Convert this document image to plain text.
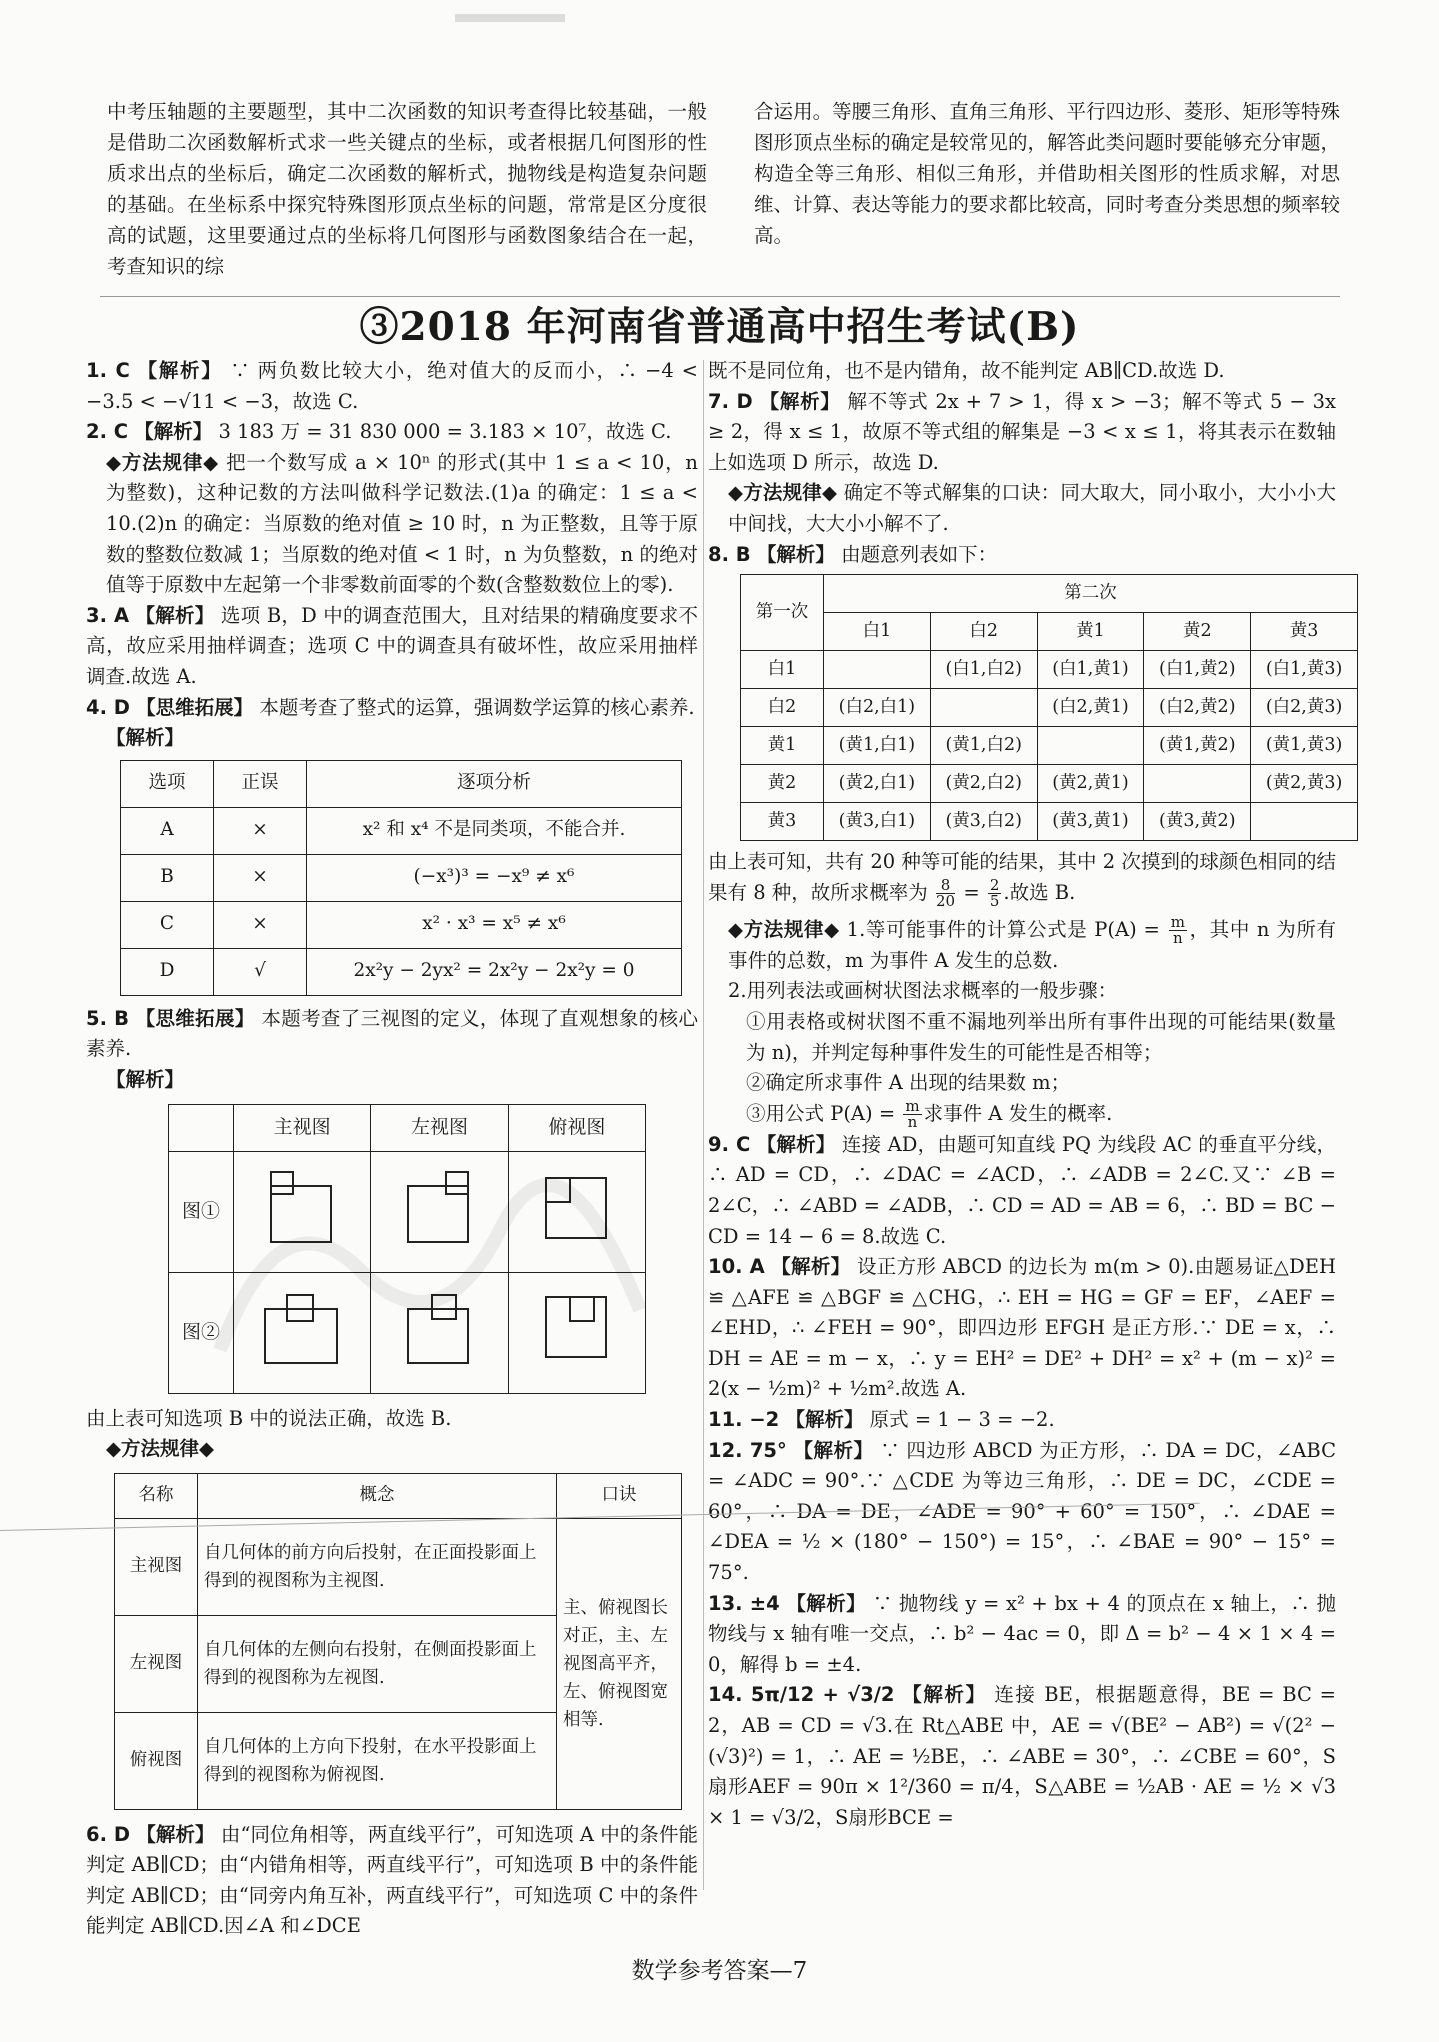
中考压轴题的主要题型，其中二次函数的知识考查得比较基础，一般是借助二次函数解析式求一些关键点的坐标，或者根据几何图形的性质求出点的坐标后，确定二次函数的解析式，抛物线是构造复杂问题的基础。在坐标系中探究特殊图形顶点坐标的问题，常常是区分度很高的试题，这里要通过点的坐标将几何图形与函数图象结合在一起，考查知识的综
合运用。等腰三角形、直角三角形、平行四边形、菱形、矩形等特殊图形顶点坐标的确定是较常见的，解答此类问题时要能够充分审题，构造全等三角形、相似三角形，并借助相关图形的性质求解，对思维、计算、表达等能力的要求都比较高，同时考查分类思想的频率较高。
③2018 年河南省普通高中招生考试(B)

1. C 【解析】 ∵ 两负数比较大小，绝对值大的反而小，∴ −4 < −3.5 < −√11 < −3，故选 C.

2. C 【解析】 3 183 万 = 31 830 000 = 3.183 × 10⁷，故选 C.

◆方法规律◆ 把一个数写成 a × 10ⁿ 的形式(其中 1 ≤ a < 10，n 为整数)，这种记数的方法叫做科学记数法.(1)a 的确定：1 ≤ a < 10.(2)n 的确定：当原数的绝对值 ≥ 10 时，n 为正整数，且等于原数的整数位数减 1；当原数的绝对值 < 1 时，n 为负整数，n 的绝对值等于原数中左起第一个非零数前面零的个数(含整数数位上的零).

3. A 【解析】 选项 B，D 中的调查范围大，且对结果的精确度要求不高，故应采用抽样调查；选项 C 中的调查具有破坏性，故应采用抽样调查.故选 A.

4. D 【思维拓展】 本题考查了整式的运算，强调数学运算的核心素养.

【解析】

选项	正误	逐项分析
A	×	x² 和 x⁴ 不是同类项，不能合并.
B	×	(−x³)³ = −x⁹ ≠ x⁶
C	×	x² · x³ = x⁵ ≠ x⁶
D	√	2x²y − 2yx² = 2x²y − 2x²y = 0

5. B 【思维拓展】 本题考查了三视图的定义，体现了直观想象的核心素养.

【解析】

	主视图	左视图	俯视图
图①			
图②			

由上表可知选项 B 中的说法正确，故选 B.

◆方法规律◆

名称	概念	口诀
主视图	自几何体的前方向后投射，在正面投影面上得到的视图称为主视图.	主、俯视图长对正，主、左视图高平齐，左、俯视图宽相等.
左视图	自几何体的左侧向右投射，在侧面投影面上得到的视图称为左视图.	
俯视图	自几何体的上方向下投射，在水平投影面上得到的视图称为俯视图.	

6. D 【解析】 由“同位角相等，两直线平行”，可知选项 A 中的条件能判定 AB∥CD；由“内错角相等，两直线平行”，可知选项 B 中的条件能判定 AB∥CD；由“同旁内角互补，两直线平行”，可知选项 C 中的条件能判定 AB∥CD.因∠A 和∠DCE

既不是同位角，也不是内错角，故不能判定 AB∥CD.故选 D.

7. D 【解析】 解不等式 2x + 7 > 1，得 x > −3；解不等式 5 − 3x ≥ 2，得 x ≤ 1，故原不等式组的解集是 −3 < x ≤ 1，将其表示在数轴上如选项 D 所示，故选 D.

◆方法规律◆ 确定不等式解集的口诀：同大取大，同小取小，大小小大中间找，大大小小解不了.

8. B 【解析】 由题意列表如下：

第一次	第二次				
	白1	白2	黄1	黄2	黄3
白1		(白1,白2)	(白1,黄1)	(白1,黄2)	(白1,黄3)
白2	(白2,白1)		(白2,黄1)	(白2,黄2)	(白2,黄3)
黄1	(黄1,白1)	(黄1,白2)		(黄1,黄2)	(黄1,黄3)
黄2	(黄2,白1)	(黄2,白2)	(黄2,黄1)		(黄2,黄3)
黄3	(黄3,白1)	(黄3,白2)	(黄3,黄1)	(黄3,黄2)	

由上表可知，共有 20 种等可能的结果，其中 2 次摸到的球颜色相同的结果有 8 种，故所求概率为 $\frac{8}{20} = \frac{2}{5}$ .故选 B.

◆方法规律◆ 1.等可能事件的计算公式是 $P(A) = \frac{m}{n}$ ，其中 n 为所有事件的总数，m 为事件 A 发生的总数.

2.用列表法或画树状图法求概率的一般步骤：

①用表格或树状图不重不漏地列举出所有事件出现的可能结果(数量为 n)，并判定每种事件发生的可能性是否相等；

②确定所求事件 A 出现的结果数 m；

③用公式 $P(A) = \frac{m}{n}$ 求事件 A 发生的概率.

9. C 【解析】 连接 AD，由题可知直线 PQ 为线段 AC 的垂直平分线，∴ AD = CD，∴ ∠DAC = ∠ACD，∴ ∠ADB = 2∠C.又∵ ∠B = 2∠C，∴ ∠ABD = ∠ADB，∴ CD = AD = AB = 6，∴ BD = BC − CD = 14 − 6 = 8.故选 C.

10. A 【解析】 设正方形 ABCD 的边长为 m(m > 0).由题易证△DEH ≌ △AFE ≌ △BGF ≌ △CHG，∴ EH = HG = GF = EF，∠AEF = ∠EHD，∴ ∠FEH = 90°，即四边形 EFGH 是正方形.∵ DE = x，∴ DH = AE = m − x，∴ y = EH² = DE² + DH² = x² + (m − x)² = 2(x − ½m)² + ½m².故选 A.

11. −2 【解析】 原式 = 1 − 3 = −2.

12. 75° 【解析】 ∵ 四边形 ABCD 为正方形，∴ DA = DC，∠ABC = ∠ADC = 90°.∵ △CDE 为等边三角形，∴ DE = DC，∠CDE = 60°，∴ DA = DE，∠ADE = 90° + 60° = 150°，∴ ∠DAE = ∠DEA = ½ × (180° − 150°) = 15°，∴ ∠BAE = 90° − 15° = 75°.

13. ±4 【解析】 ∵ 抛物线 y = x² + bx + 4 的顶点在 x 轴上，∴ 抛物线与 x 轴有唯一交点，∴ b² − 4ac = 0，即 Δ = b² − 4 × 1 × 4 = 0，解得 b = ±4.

14. 5π/12 + √3/2 【解析】 连接 BE，根据题意得，BE = BC = 2，AB = CD = √3.在 Rt△ABE 中，AE = √(BE² − AB²) = √(2² − (√3)²) = 1，∴ AE = ½BE，∴ ∠ABE = 30°，∴ ∠CBE = 60°，S扇形AEF = 90π × 1²/360 = π/4，S△ABE = ½AB · AE = ½ × √3 × 1 = √3/2，S扇形BCE =

数学参考答案—7
